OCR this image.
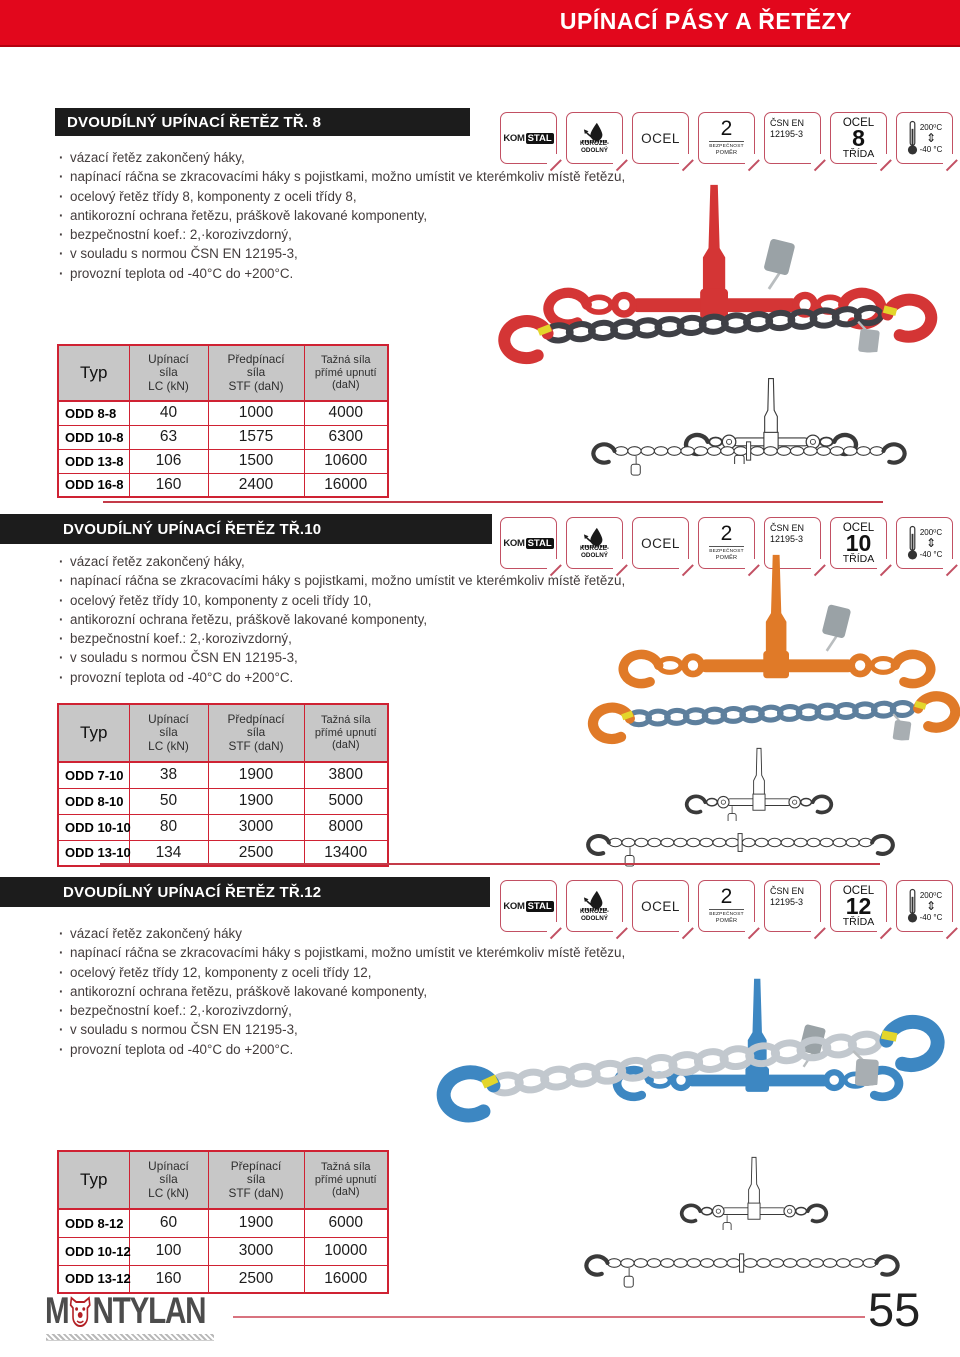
UPÍNACÍ PÁSY A ŘETĚZY
DVOUDÍLNÝ UPÍNACÍ ŘETĚZ TŘ. 8
KOM STAL	KOROZE-
ODOLNÝ
OCEL 2
BEZPEČNOST
POMĚR
ČSN EN
12195-3
OCEL
8
TŘÍDA
200⁰C
⇕
-40 °C
· vázací řetěz zakončený háky,
· napínací ráčna se zkracovacími háky s pojistkami, možno umístit ve kterémkoliv místě řetězu,
· ocelový řetěz třídy 8, komponenty z oceli třídy 8,
· antikorozní ochrana řetězu, práškově lakované komponenty,
· bezpečnostní koef.: 2,·korozivzdorný,
· v souladu s normou ČSN EN 12195-3,
· provozní teplota od -40°C do +200°C.
Typ	Upínací
síla
LC (kN)	Předpínací
síla
STF (daN)	Tažná síla
přímé upnutí
(daN)

ODD 8-8	40	1000	4000
ODD 10-8	63	1575	6300
ODD 13-8	106	1500	10600
ODD 16-8	160	2400	16000
DVOUDÍLNÝ UPÍNACÍ ŘETĚZ TŘ.10
KOM STAL	KOROZE-
ODOLNÝ
OCEL 2
BEZPEČNOST
POMĚR
ČSN EN
12195-3
OCEL
10
TŘÍDA
200⁰C
⇕
-40 °C
· vázací řetěz zakončený háky,
· napínací ráčna se zkracovacími háky s pojistkami, možno umístit ve kterémkoliv místě řetězu,
· ocelový řetěz třídy 10, komponenty z oceli třídy 10,
· antikorozní ochrana řetězu, práškově lakované komponenty,
· bezpečnostní koef.: 2,·korozivzdorný,
· v souladu s normou ČSN EN 12195-3,
· provozní teplota od -40°C do +200°C.
Typ	Upínací
síla
LC (kN)	Předpínací
síla
STF (daN)	Tažná síla
přímé upnutí
(daN)

ODD 7-10	38	1900	3800
ODD 8-10	50	1900	5000
ODD 10-10	80	3000	8000
ODD 13-10	134	2500	13400
DVOUDÍLNÝ UPÍNACÍ ŘETĚZ TŘ.12
KOM STAL	KOROZE-
ODOLNÝ
OCEL 2
BEZPEČNOST
POMĚR
ČSN EN
12195-3
OCEL
12
TŘÍDA
200⁰C
⇕
-40 °C
· vázací řetěz zakončený háky
· napínací ráčna se zkracovacími háky s pojistkami, možno umístit ve kterémkoliv místě řetězu,
· ocelový řetěz třídy 12, komponenty z oceli třídy 12,
· antikorozní ochrana řetězu, práškově lakované komponenty,
· bezpečnostní koef.: 2,·korozivzdorný,
· v souladu s normou ČSN EN 12195-3,
· provozní teplota od -40°C do +200°C.
Typ	Upínací
síla
LC (kN)	Přepínací
síla
STF (daN)	Tažná síla
přímé upnutí
(daN)

ODD 8-12	60	1900	6000
ODD 10-12	100	3000	10000
ODD 13-12	160	2500	16000
M NTYLAN	55
